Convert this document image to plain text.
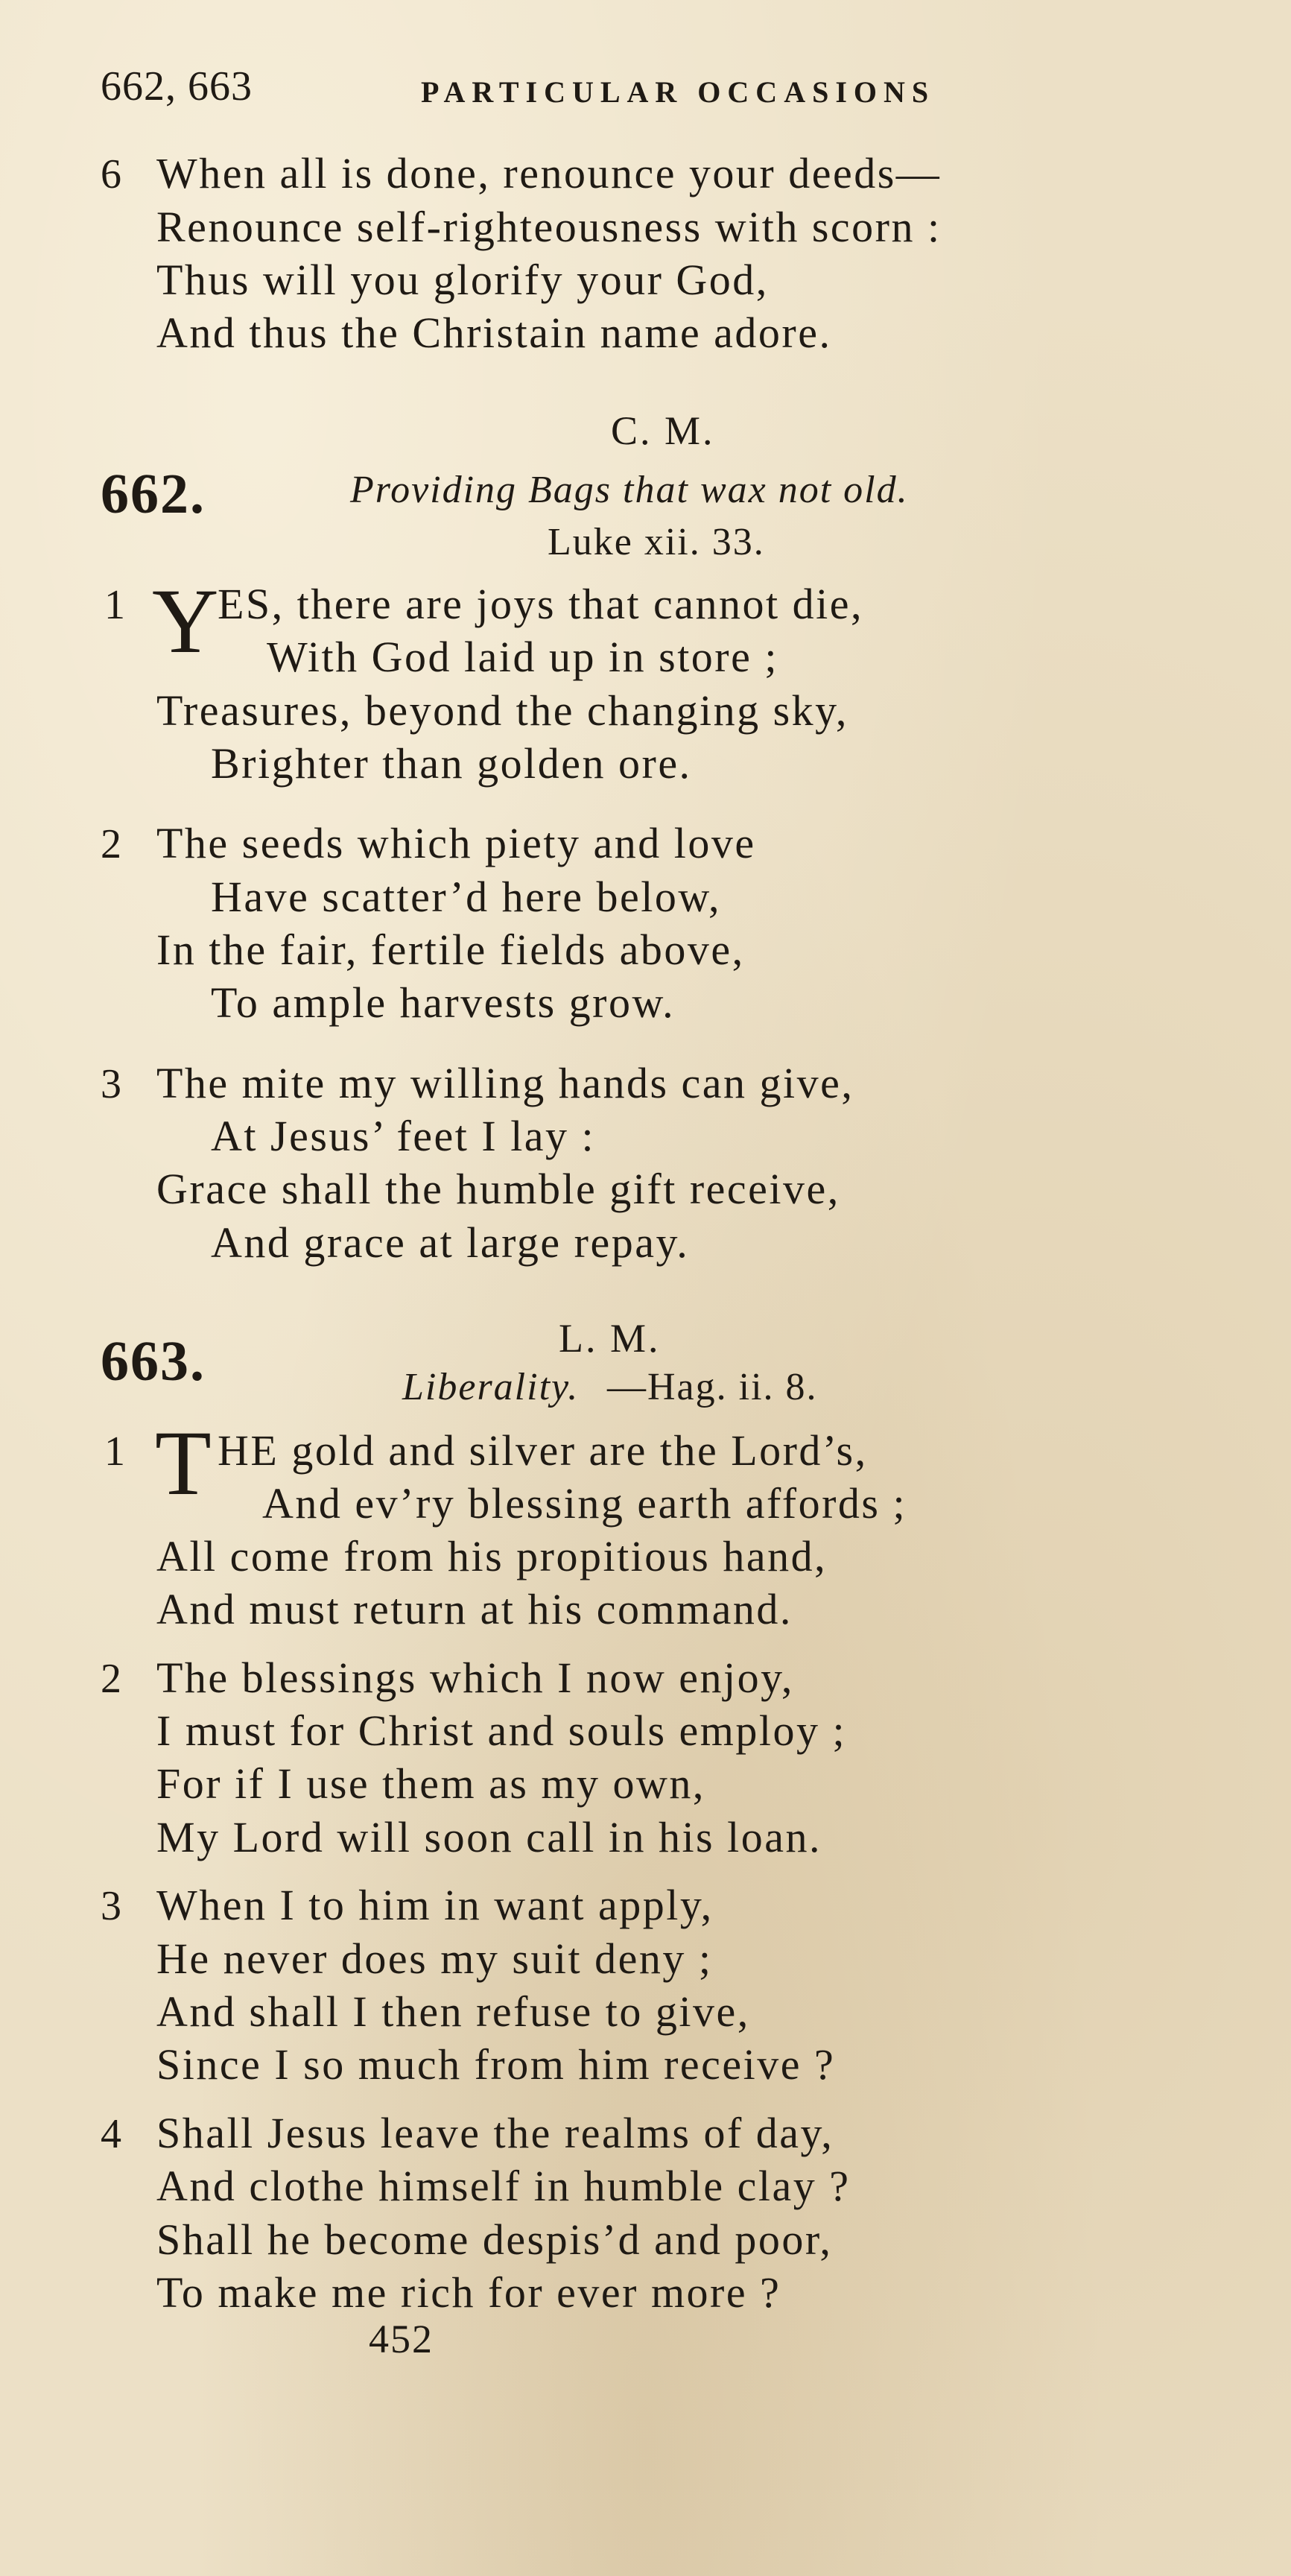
662, 663	PARTICULAR OCCASIONS
6 When all is done, renounce your deeds—
Renounce self-righteousness with scorn :
Thus will you glorify your God,
And thus the Christain name adore.
C. M.
662.	Providing Bags that wax not old.
Luke xii. 33.
1 Y
ES, there are joys that cannot die,
With God laid up in store ;
Treasures, beyond the changing sky,
Brighter than golden ore.
2 The seeds which piety and love
Have scatter’d here below,
In the fair, fertile fields above,
To ample harvests grow.
3 The mite my willing hands can give,
At Jesus’ feet I lay :
Grace shall the humble gift receive,
And grace at large repay.
L. M.
663.	Liberality. —Hag. ii. 8.
1 T HE gold and silver are the Lord’s,
And ev’ry blessing earth affords ;
All come from his propitious hand,
And must return at his command.
2 The blessings which I now enjoy,
I must for Christ and souls employ ;
For if I use them as my own,
My Lord will soon call in his loan.
3 When I to him in want apply,
He never does my suit deny ;
And shall I then refuse to give,
Since I so much from him receive ?
4 Shall Jesus leave the realms of day,
And clothe himself in humble clay ?
Shall he become despis’d and poor,
To make me rich for ever more ?
452
